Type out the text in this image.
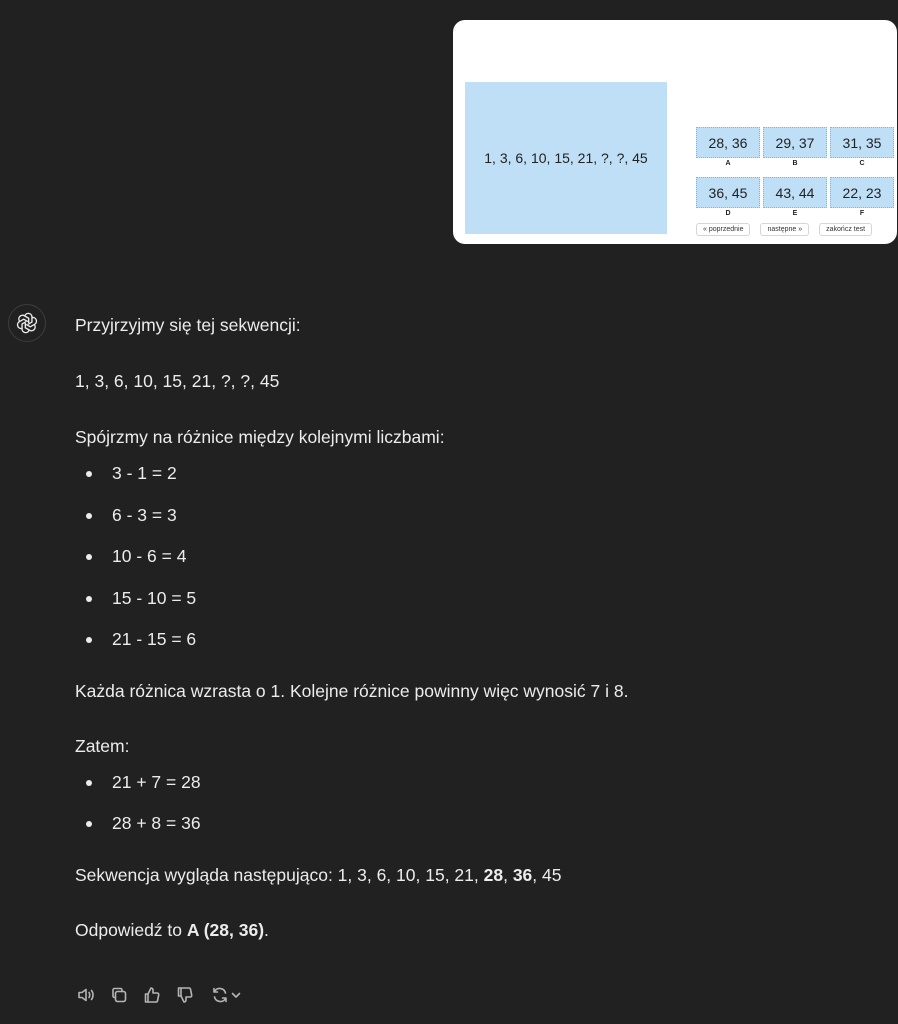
1, 3, 6, 10, 15, 21, ?, ?, 45
28, 36
A
29, 37
B
31, 35
C
36, 45
D
43, 44
E
22, 23
F
« poprzednie	następne »	zakończ test

Przyjrzyjmy się tej sekwencji:

1, 3, 6, 10, 15, 21, ?, ?, 45

Spójrzmy na różnice między kolejnymi liczbami:

3 - 1 = 2
6 - 3 = 3
10 - 6 = 4
15 - 10 = 5
21 - 15 = 6

Każda różnica wzrasta o 1. Kolejne różnice powinny więc wynosić 7 i 8.

Zatem:

21 + 7 = 28
28 + 8 = 36

Sekwencja wygląda następująco: 1, 3, 6, 10, 15, 21, 28, 36, 45

Odpowiedź to A (28, 36).
